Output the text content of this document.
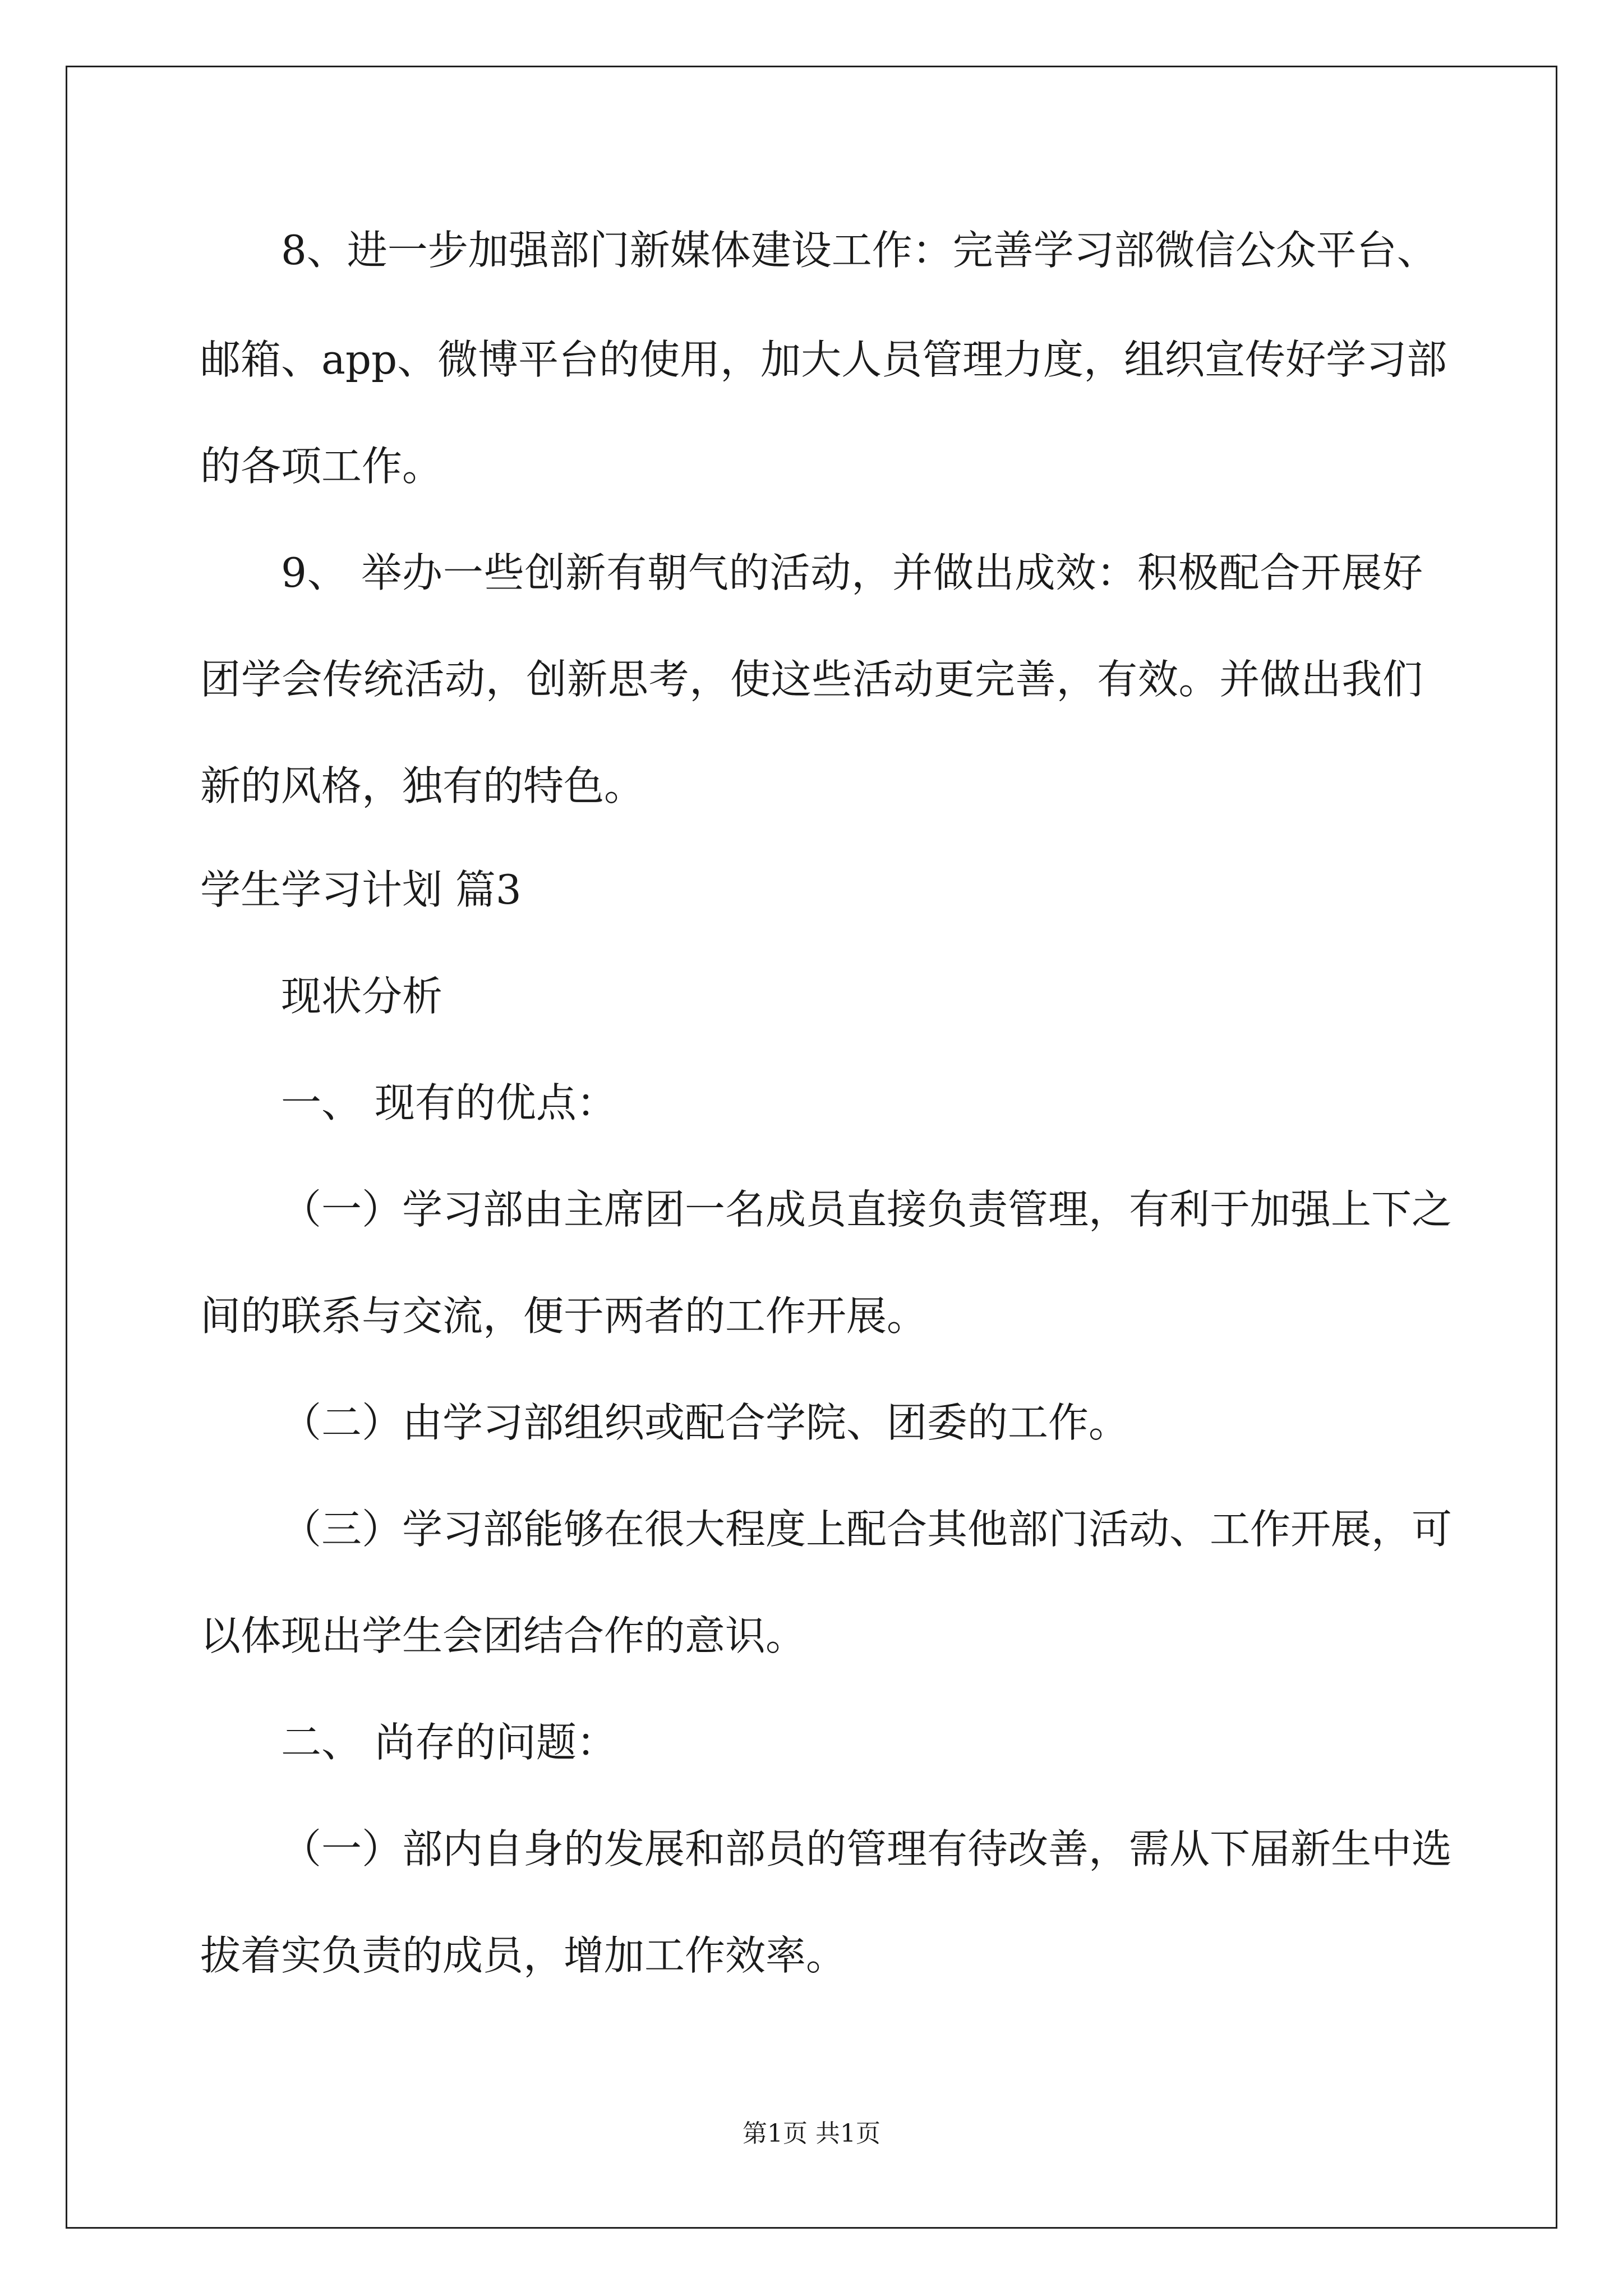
8、进一步加强部门新媒体建设工作：完善学习部微信公众平台、
邮箱、app、微博平台的使用，加大人员管理力度，组织宣传好学习部
的各项工作。
9、 举办一些创新有朝气的活动，并做出成效：积极配合开展好
团学会传统活动，创新思考，使这些活动更完善，有效。并做出我们
新的风格，独有的特色。
学生学习计划 篇3
现状分析
一、 现有的优点：
（一）学习部由主席团一名成员直接负责管理，有利于加强上下之
间的联系与交流，便于两者的工作开展。
（二）由学习部组织或配合学院、团委的工作。
（三）学习部能够在很大程度上配合其他部门活动、工作开展，可
以体现出学生会团结合作的意识。
二、 尚存的问题：
（一）部内自身的发展和部员的管理有待改善，需从下届新生中选
拔着实负责的成员，增加工作效率。
第1页 共1页
